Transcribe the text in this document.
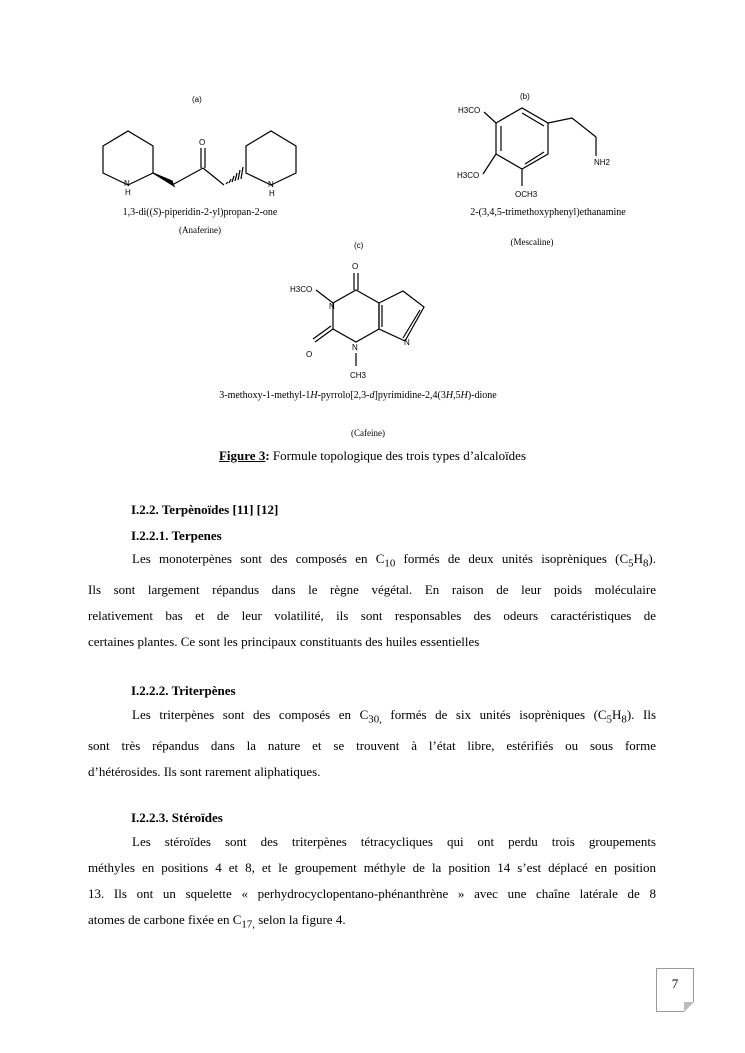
(a)
N
H
O
N
H
1,3-di((S)-piperidin-2-yl)propan-2-one
(Anaferine)
(b)
H3CO
H3CO
OCH3
NH2
2-(3,4,5-trimethoxyphenyl)ethanamine
(Mescaline)
(c)
O
N
N
N
H3CO
O
CH3
3-methoxy-1-methyl-1H-pyrrolo[2,3-d]pyrimidine-2,4(3H,5H)-dione
(Cafeine)
Figure 3: Formule topologique des trois types d’alcaloïdes
I.2.2. Terpènoïdes [11] [12]
I.2.2.1. Terpenes
Les monoterpènes sont des composés en $C_{10}$ formés de deux unités isoprèniques $(C_5H_8)$.
Ils sont largement répandus dans le règne végétal. En raison de leur poids moléculaire
relativement bas et de leur volatilité, ils sont responsables des odeurs caractéristiques de
certaines plantes. Ce sont les principaux constituants des huiles essentielles
I.2.2.2. Triterpènes
Les triterpènes sont des composés en $C_{30,}$ formés de six unités isoprèniques $(C_5H_8)$. Ils
sont très répandus dans la nature et se trouvent à l’état libre, estérifiés ou sous forme
d’hétérosides. Ils sont rarement aliphatiques.
I.2.2.3. Stéroïdes
Les stéroïdes sont des triterpènes tétracycliques qui ont perdu trois groupements
méthyles en positions 4 et 8, et le groupement méthyle de la position 14 s’est déplacé en position
13. Ils ont un squelette « perhydrocyclopentano-phénanthrène » avec une chaîne latérale de 8
atomes de carbone fixée en $C_{17,}$ selon la figure 4.
7
